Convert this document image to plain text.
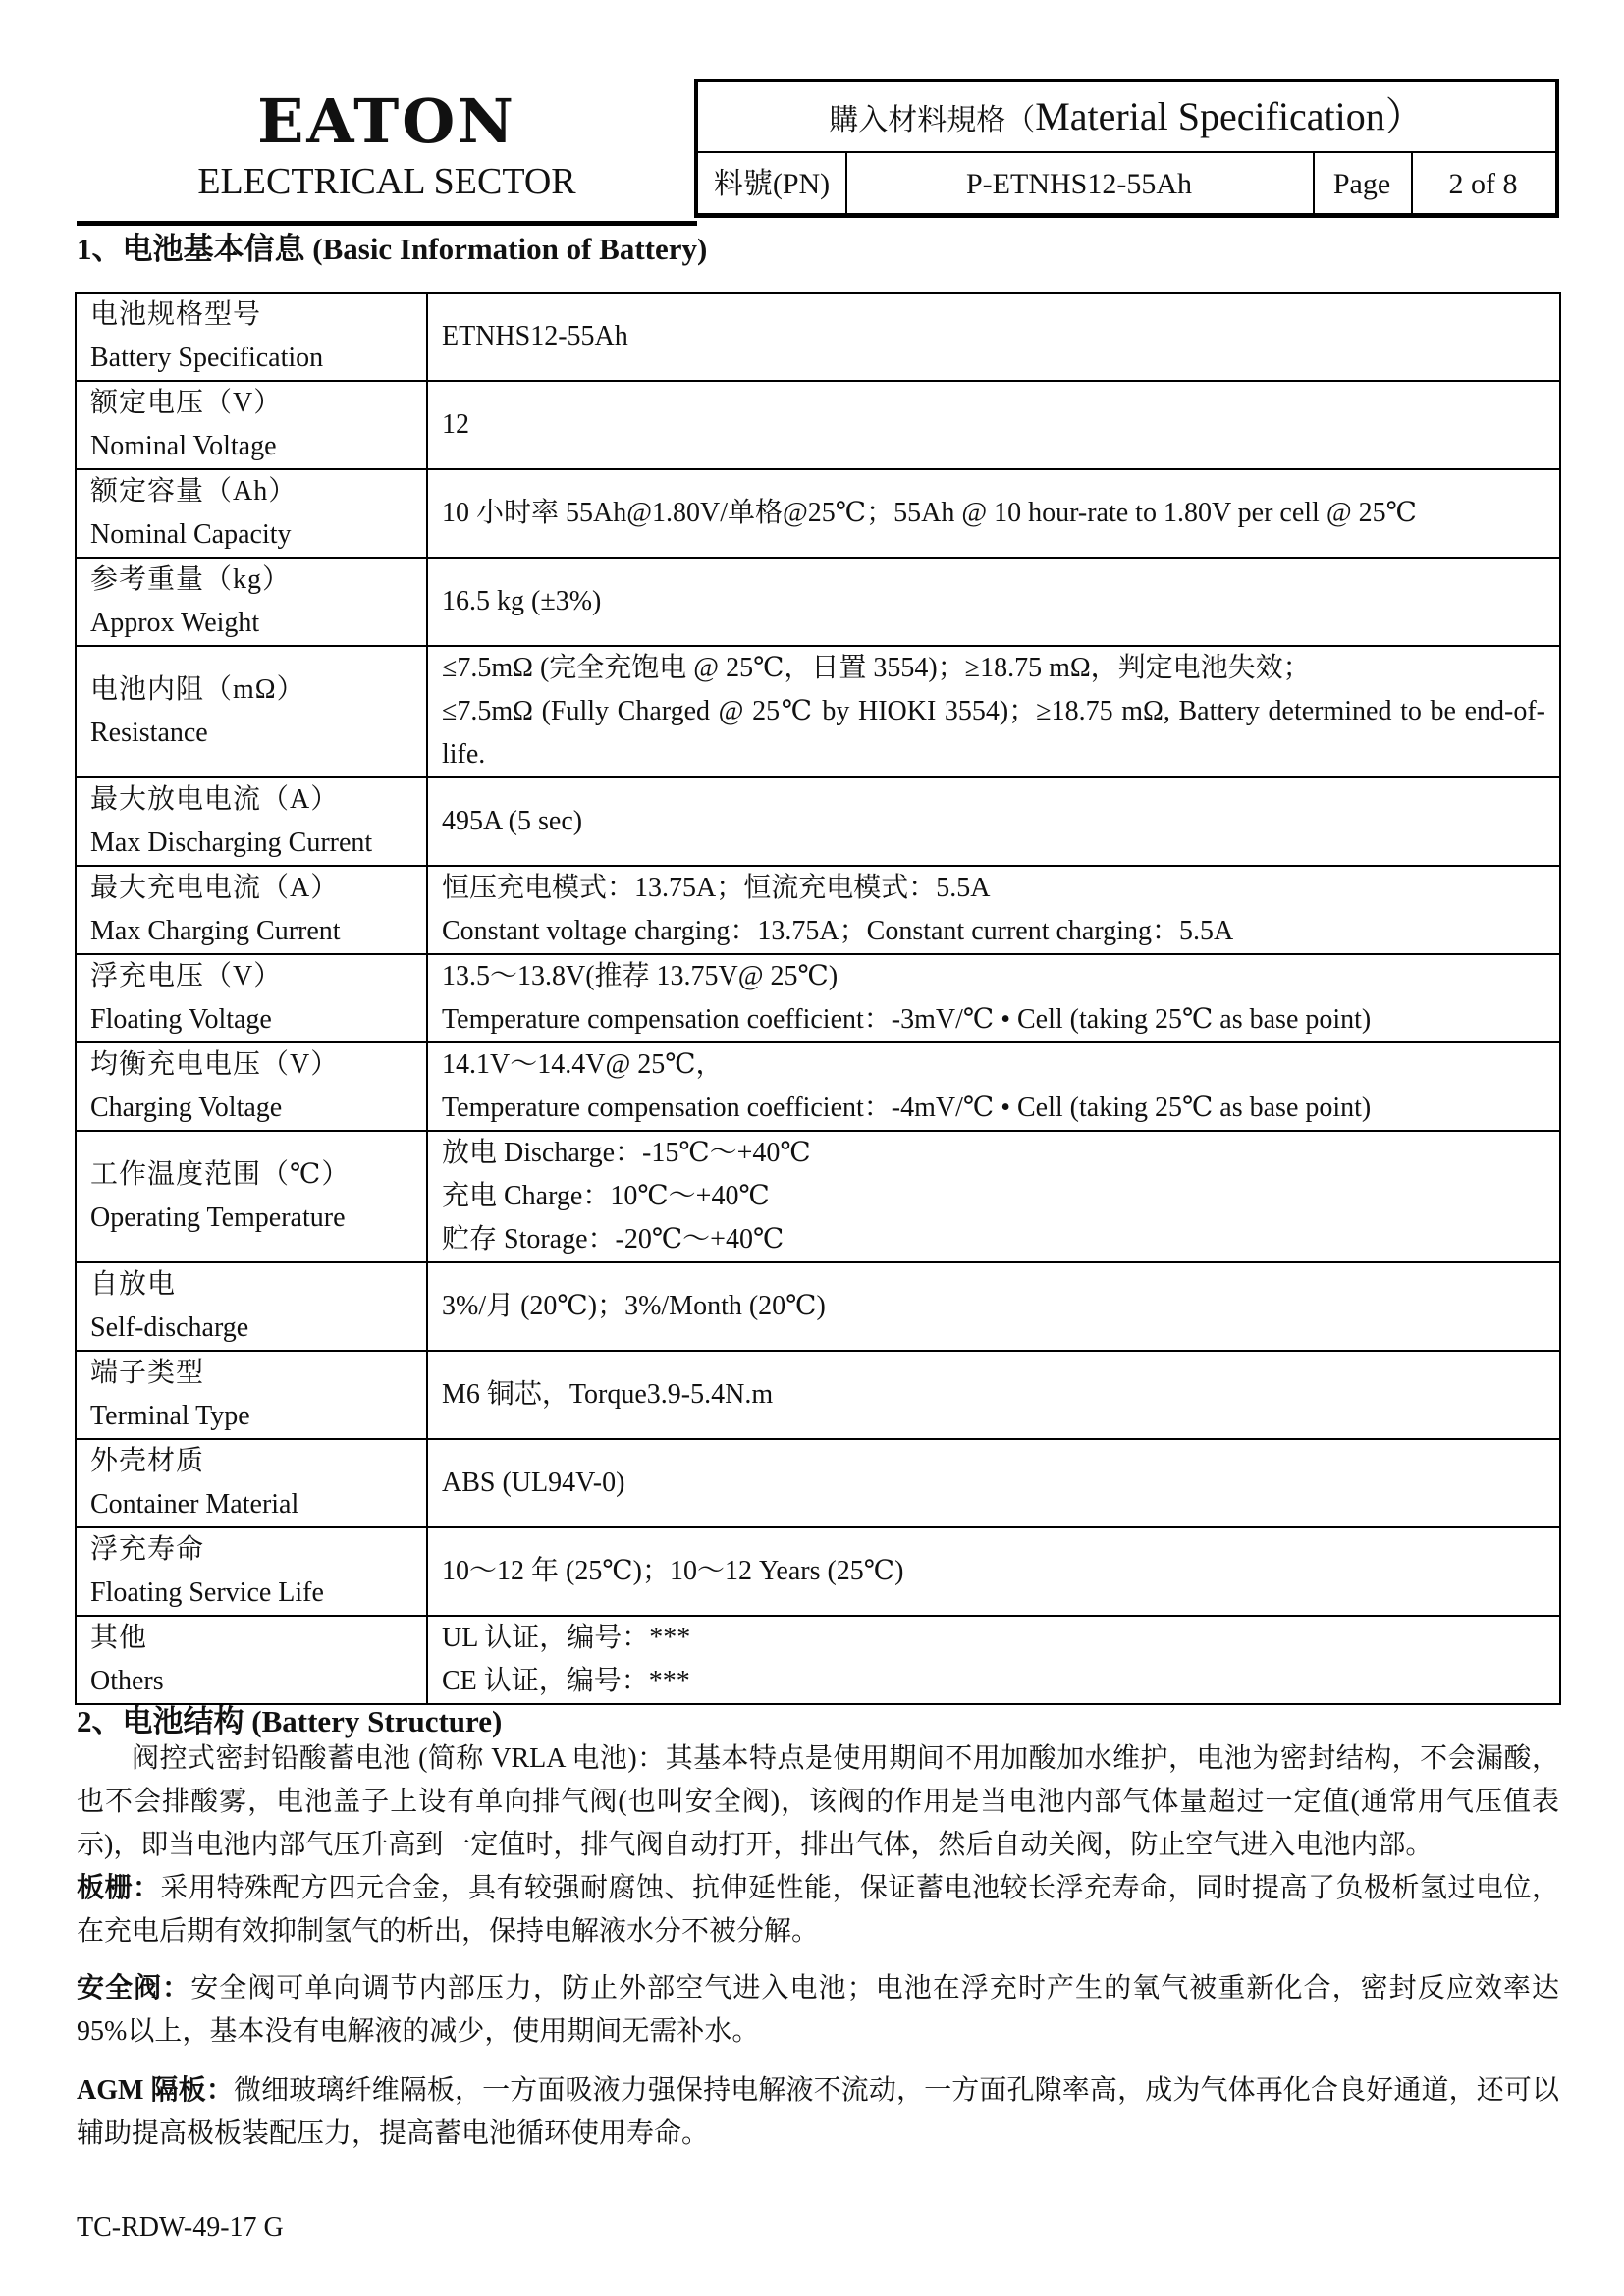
EATON
ELECTRICAL SECTOR
購入材料規格（Material Specification）
料號(PN)	P-ETNHS12-55Ah	Page	2 of 8
1、电池基本信息 (Basic Information of Battery)
电池规格型号
Battery Specification	ETNHS12-55Ah

额定电压（V）
Nominal Voltage	12

额定容量（Ah）
Nominal Capacity	10 小时率 55Ah@1.80V/单格@25℃；55Ah @ 10 hour-rate to 1.80V per cell @ 25℃

参考重量（kg）
Approx Weight	16.5 kg (±3%)

电池内阻（mΩ）
Resistance	≤7.5mΩ (完全充饱电 @ 25℃，日置 3554)；≥18.75 mΩ，判定电池失效；
≤7.5mΩ (Fully Charged @ 25℃ by HIOKI 3554)；≥18.75 mΩ, Battery determined to be end-of-life.

最大放电电流（A）
Max Discharging Current	495A (5 sec)

最大充电电流（A）
Max Charging Current	恒压充电模式：13.75A；恒流充电模式：5.5A
Constant voltage charging：13.75A；Constant current charging：5.5A

浮充电压（V）
Floating Voltage	13.5～13.8V(推荐 13.75V@ 25℃)
Temperature compensation coefficient：-3mV/℃ • Cell (taking 25℃ as base point)

均衡充电电压（V）
Charging Voltage	14.1V～14.4V@ 25℃，
Temperature compensation coefficient：-4mV/℃ • Cell (taking 25℃ as base point)

工作温度范围（℃）
Operating Temperature	放电 Discharge：-15℃～+40℃
充电 Charge：10℃～+40℃
贮存 Storage：-20℃～+40℃

自放电
Self-discharge	3%/月 (20℃)；3%/Month (20℃)

端子类型
Terminal Type	M6 铜芯，Torque3.9-5.4N.m

外壳材质
Container Material	ABS (UL94V-0)

浮充寿命
Floating Service Life	10～12 年 (25℃)；10～12 Years (25℃)

其他
Others	UL 认证，编号：***
CE 认证，编号：***
2、电池结构 (Battery Structure)
阀控式密封铅酸蓄电池 (简称 VRLA 电池)：其基本特点是使用期间不用加酸加水维护，电池为密封结构，不会漏酸，也不会排酸雾，电池盖子上设有单向排气阀(也叫安全阀)，该阀的作用是当电池内部气体量超过一定值(通常用气压值表示)，即当电池内部气压升高到一定值时，排气阀自动打开，排出气体，然后自动关阀，防止空气进入电池内部。
板栅：采用特殊配方四元合金，具有较强耐腐蚀、抗伸延性能，保证蓄电池较长浮充寿命，同时提高了负极析氢过电位，在充电后期有效抑制氢气的析出，保持电解液水分不被分解。
安全阀：安全阀可单向调节内部压力，防止外部空气进入电池；电池在浮充时产生的氧气被重新化合，密封反应效率达 95%以上，基本没有电解液的减少，使用期间无需补水。
AGM 隔板：微细玻璃纤维隔板，一方面吸液力强保持电解液不流动，一方面孔隙率高，成为气体再化合良好通道，还可以辅助提高极板装配压力，提高蓄电池循环使用寿命。
TC-RDW-49-17 G
